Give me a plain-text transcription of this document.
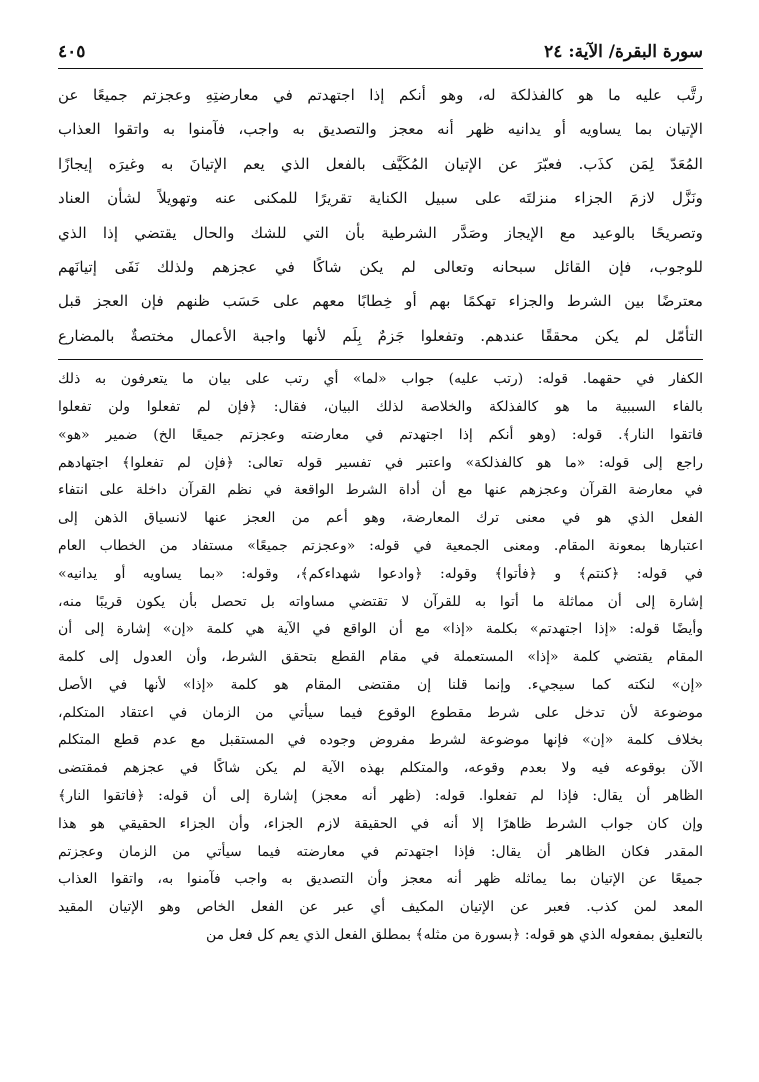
سورة البقرة/ الآية: ٢٤
٤٠٥
رتَّب عليه ما هو كالفذلكة له، وهو أنكم إذا اجتهدتم في معارضتِهِ وعجزتم جميعًا عن
الإتيان بما يساويه أو يدانيه ظهر أنه معجز والتصديق به واجب، فآمنوا به واتقوا العذاب
المُعَدّ لِمَن كذَب. فعبّرَ عن الإتيان المُكَيَّف بالفعل الذي يعم الإتيانَ به وغيرَه إيجازًا
ونَزَّل لازمَ الجزاء منزلتَه على سبيل الكناية تقريرًا للمكنى عنه وتهويلاً لشأن العناد
وتصريحًا بالوعيد مع الإيجاز وصَدَّر الشرطية بأن التي للشك والحال يقتضي إذا الذي
للوجوب، فإن القائل سبحانه وتعالى لم يكن شاكًا في عجزهم ولذلك نَفَى إتيانَهم
معترضًا بين الشرط والجزاء تهكمًا بهم أو خِطابًا معهم على حَسَب ظنهم فإن العجز قبل
التأمّل لم يكن محققًا عندهم. وتفعلوا جَزمٌ بِلَم لأنها واجبة الأعمال مختصةٌ بالمضارع
الكفار في حقهما. قوله: (رتب عليه) جواب «لما» أي رتب على بيان ما يتعرفون به ذلك
بالفاء السببية ما هو كالفذلكة والخلاصة لذلك البيان، فقال: ﴿فإن لم تفعلوا ولن تفعلوا
فاتقوا النار﴾. قوله: (وهو أنكم إذا اجتهدتم في معارضته وعجزتم جميعًا الخ) ضمير «هو»
راجع إلى قوله: «ما هو كالفذلكة» واعتبر في تفسير قوله تعالى: ﴿فإن لم تفعلوا﴾ اجتهادهم
في معارضة القرآن وعجزهم عنها مع أن أداة الشرط الواقعة في نظم القرآن داخلة على انتفاء
الفعل الذي هو في معنى ترك المعارضة، وهو أعم من العجز عنها لانسياق الذهن إلى
اعتبارها بمعونة المقام. ومعنى الجمعية في قوله: «وعجزتم جميعًا» مستفاد من الخطاب العام
في قوله: ﴿كنتم﴾ و ﴿فأتوا﴾ وقوله: ﴿وادعوا شهداءكم﴾، وقوله: «بما يساويه أو يدانيه»
إشارة إلى أن مماثلة ما أتوا به للقرآن لا تقتضي مساواته بل تحصل بأن يكون قريبًا منه،
وأيضًا قوله: «إذا اجتهدتم» بكلمة «إذا» مع أن الواقع في الآية هي كلمة «إن» إشارة إلى أن
المقام يقتضي كلمة «إذا» المستعملة في مقام القطع بتحقق الشرط، وأن العدول إلى كلمة
«إن» لنكته كما سيجيء. وإنما قلنا إن مقتضى المقام هو كلمة «إذا» لأنها في الأصل
موضوعة لأن تدخل على شرط مقطوع الوقوع فيما سيأتي من الزمان في اعتقاد المتكلم،
بخلاف كلمة «إن» فإنها موضوعة لشرط مفروض وجوده في المستقبل مع عدم قطع المتكلم
الآن بوقوعه فيه ولا بعدم وقوعه، والمتكلم بهذه الآية لم يكن شاكًا في عجزهم فمقتضى
الظاهر أن يقال: فإذا لم تفعلوا. قوله: (ظهر أنه معجز) إشارة إلى أن قوله: ﴿فاتقوا النار﴾
وإن كان جواب الشرط ظاهرًا إلا أنه في الحقيقة لازم الجزاء، وأن الجزاء الحقيقي هو هذا
المقدر فكان الظاهر أن يقال: فإذا اجتهدتم في معارضته فيما سيأتي من الزمان وعجزتم
جميعًا عن الإتيان بما يماثله ظهر أنه معجز وأن التصديق به واجب فآمنوا به، واتقوا العذاب
المعد لمن كذب. فعبر عن الإتيان المكيف أي عبر عن الفعل الخاص وهو الإتيان المقيد
بالتعليق بمفعوله الذي هو قوله: ﴿بسورة من مثله﴾ بمطلق الفعل الذي يعم كل فعل من
